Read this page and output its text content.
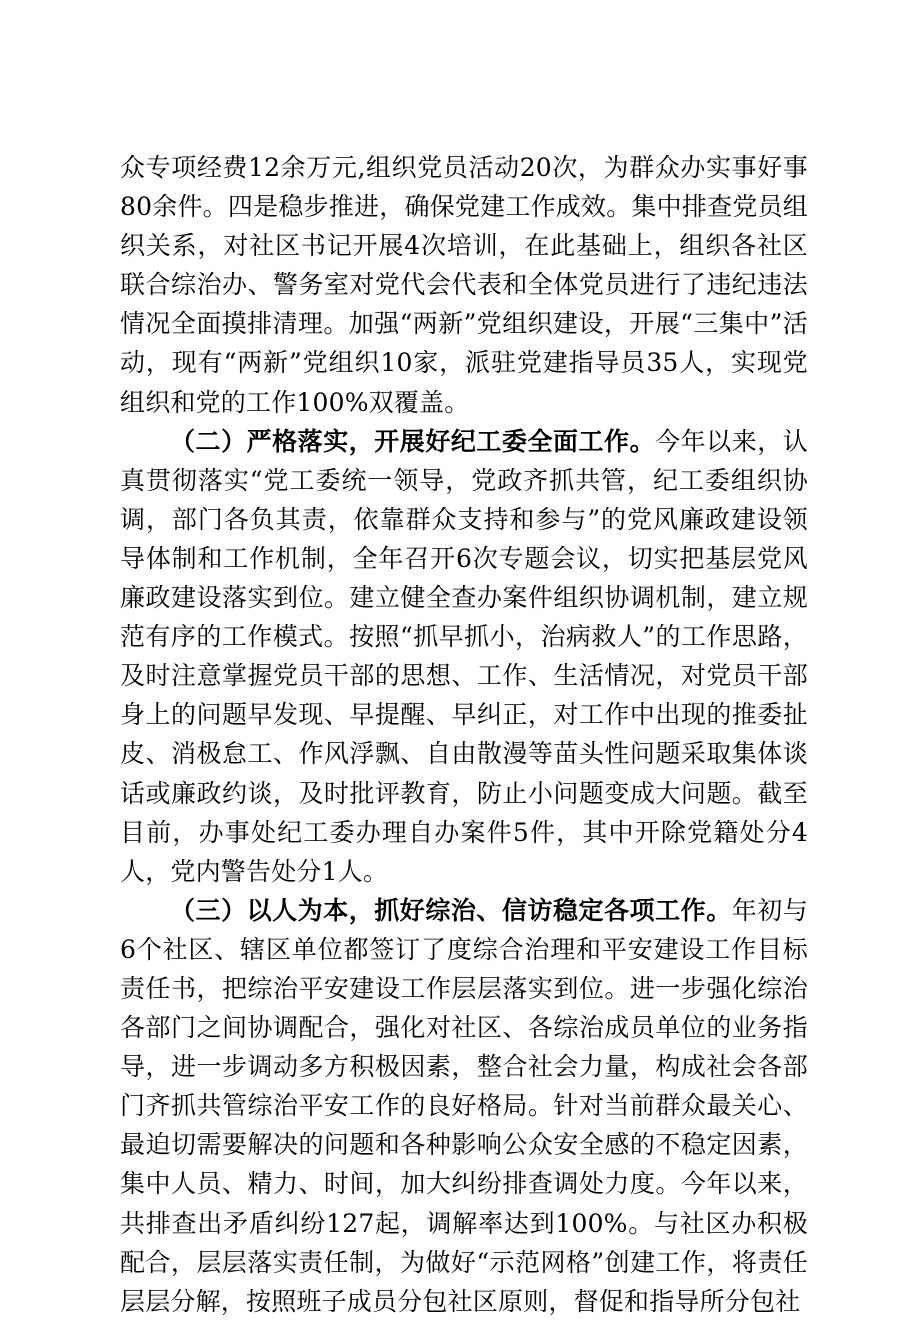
众专项经费12余万元,组织党员活动20次，为群众办实事好事80余件。四是稳步推进，确保党建工作成效。集中排查党员组织关系，对社区书记开展4次培训，在此基础上，组织各社区联合综治办、警务室对党代会代表和全体党员进行了违纪违法情况全面摸排清理。加强“两新”党组织建设，开展“三集中”活动，现有“两新”党组织10家，派驻党建指导员35人，实现党组织和党的工作100%双覆盖。

（二）严格落实，开展好纪工委全面工作。今年以来，认真贯彻落实“党工委统一领导，党政齐抓共管，纪工委组织协调，部门各负其责，依靠群众支持和参与”的党风廉政建设领导体制和工作机制，全年召开6次专题会议，切实把基层党风廉政建设落实到位。建立健全查办案件组织协调机制，建立规范有序的工作模式。按照“抓早抓小，治病救人”的工作思路，及时注意掌握党员干部的思想、工作、生活情况，对党员干部身上的问题早发现、早提醒、早纠正，对工作中出现的推委扯皮、消极怠工、作风浮飘、自由散漫等苗头性问题采取集体谈话或廉政约谈，及时批评教育，防止小问题变成大问题。截至目前，办事处纪工委办理自办案件5件，其中开除党籍处分4人，党内警告处分1人。

（三）以人为本，抓好综治、信访稳定各项工作。年初与6个社区、辖区单位都签订了度综合治理和平安建设工作目标责任书，把综治平安建设工作层层落实到位。进一步强化综治各部门之间协调配合，强化对社区、各综治成员单位的业务指导，进一步调动多方积极因素，整合社会力量，构成社会各部门齐抓共管综治平安工作的良好格局。针对当前群众最关心、最迫切需要解决的问题和各种影响公众安全感的不稳定因素，集中人员、精力、时间，加大纠纷排查调处力度。今年以来，共排查出矛盾纠纷127起，调解率达到100%。与社区办积极配合，层层落实责任制，为做好“示范网格”创建工作，将责任层层分解，按照班子成员分包社区原则，督促和指导所分包社
